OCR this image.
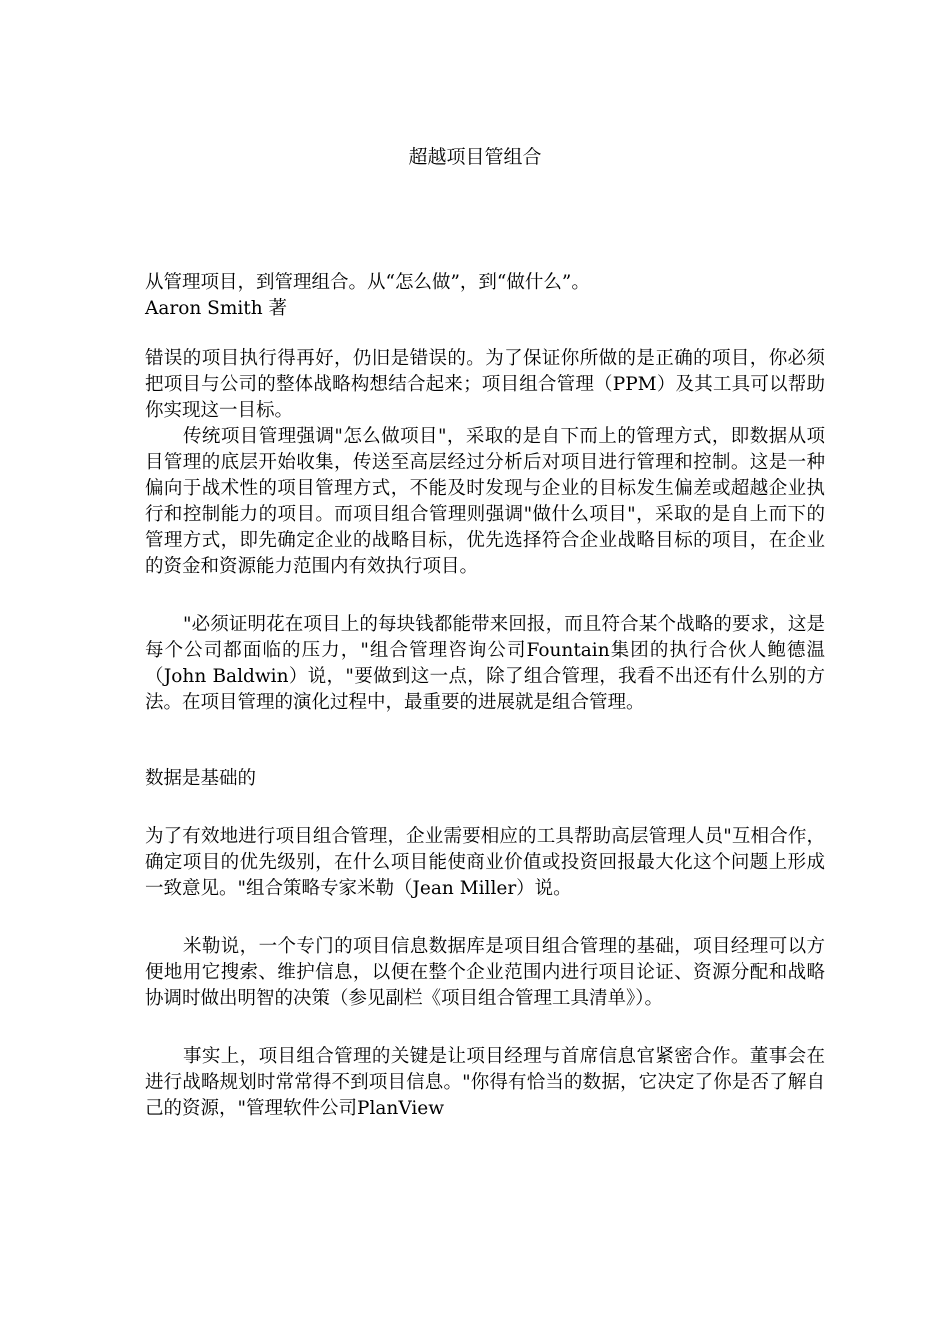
超越项目管组合

从管理项目，到管理组合。从“怎么做”，到“做什么”。

Aaron Smith 著

错误的项目执行得再好，仍旧是错误的。为了保证你所做的是正确的项目，你必须把项目与公司的整体战略构想结合起来；项目组合管理（PPM）及其工具可以帮助你实现这一目标。

传统项目管理强调"怎么做项目"，采取的是自下而上的管理方式，即数据从项目管理的底层开始收集，传送至高层经过分析后对项目进行管理和控制。这是一种偏向于战术性的项目管理方式，不能及时发现与企业的目标发生偏差或超越企业执行和控制能力的项目。而项目组合管理则强调"做什么项目"，采取的是自上而下的管理方式，即先确定企业的战略目标，优先选择符合企业战略目标的项目，在企业的资金和资源能力范围内有效执行项目。

"必须证明花在项目上的每块钱都能带来回报，而且符合某个战略的要求，这是每个公司都面临的压力，"组合管理咨询公司Fountain集团的执行合伙人鲍德温（John Baldwin）说，"要做到这一点，除了组合管理，我看不出还有什么别的方法。在项目管理的演化过程中，最重要的进展就是组合管理。

数据是基础的

为了有效地进行项目组合管理，企业需要相应的工具帮助高层管理人员"互相合作，确定项目的优先级别，在什么项目能使商业价值或投资回报最大化这个问题上形成一致意见。"组合策略专家米勒（Jean Miller）说。

米勒说，一个专门的项目信息数据库是项目组合管理的基础，项目经理可以方便地用它搜索、维护信息，以便在整个企业范围内进行项目论证、资源分配和战略协调时做出明智的决策（参见副栏《项目组合管理工具清单》）。

事实上，项目组合管理的关键是让项目经理与首席信息官紧密合作。董事会在进行战略规划时常常得不到项目信息。"你得有恰当的数据，它决定了你是否了解自己的资源，"管理软件公司PlanView
